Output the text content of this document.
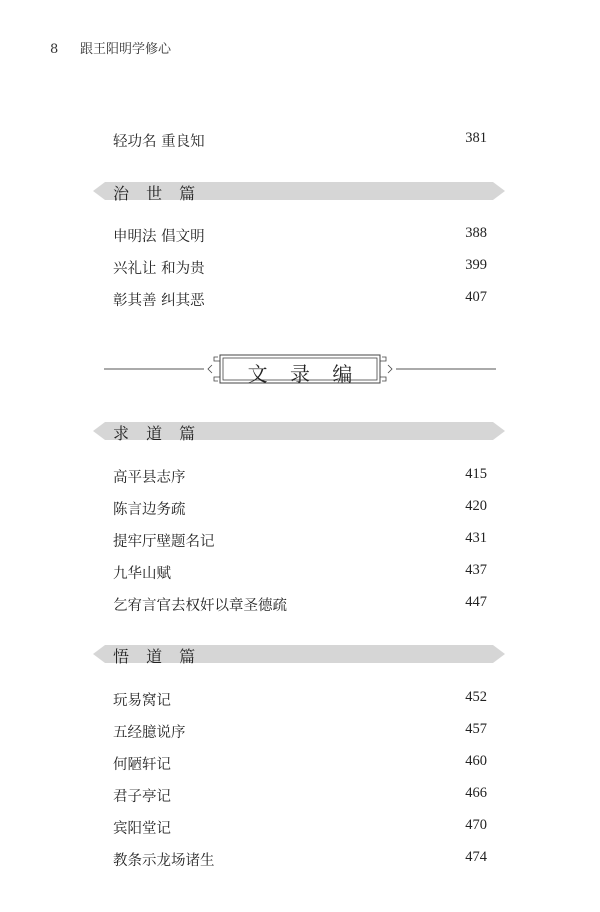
8 跟王阳明学修心
轻功名 重良知	381
治 世 篇
申明法 倡文明	388
兴礼让 和为贵	399
彰其善 纠其恶	407
文 录 编
求 道 篇
高平县志序	415
陈言边务疏	420
提牢厅壁题名记	431
九华山赋	437
乞宥言官去权奸以章圣德疏	447
悟 道 篇
玩易窝记	452
五经臆说序	457
何陋轩记	460
君子亭记	466
宾阳堂记	470
教条示龙场诸生	474
